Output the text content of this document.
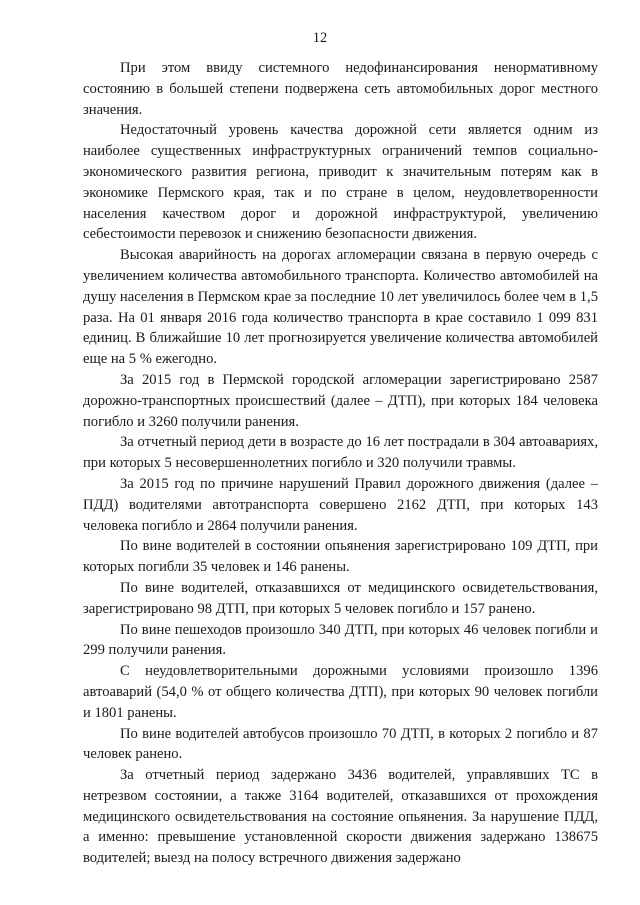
12

При этом ввиду системного недофинансирования ненормативному состоянию в большей степени подвержена сеть автомобильных дорог местного значения.

Недостаточный уровень качества дорожной сети является одним из наиболее существенных инфраструктурных ограничений темпов социально-экономического развития региона, приводит к значительным потерям как в экономике Пермского края, так и по стране в целом, неудовлетворенности населения качеством дорог и дорожной инфраструктурой, увеличению себестоимости перевозок и снижению безопасности движения.

Высокая аварийность на дорогах агломерации связана в первую очередь с увеличением количества автомобильного транспорта. Количество автомобилей на душу населения в Пермском крае за последние 10 лет увеличилось более чем в 1,5 раза. На 01 января 2016 года количество транспорта в крае составило 1 099 831 единиц. В ближайшие 10 лет прогнозируется увеличение количества автомобилей еще на 5 % ежегодно.

За 2015 год в Пермской городской агломерации зарегистрировано 2587 дорожно-транспортных происшествий (далее – ДТП), при которых 184 человека погибло и 3260 получили ранения.

За отчетный период дети в возрасте до 16 лет пострадали в 304 автоавариях, при которых 5 несовершеннолетних погибло и 320 получили травмы.

За 2015 год по причине нарушений Правил дорожного движения (далее – ПДД) водителями автотранспорта совершено 2162 ДТП, при которых 143 человека погибло и 2864 получили ранения.

По вине водителей в состоянии опьянения зарегистрировано 109 ДТП, при которых погибли 35 человек и 146 ранены.

По вине водителей, отказавшихся от медицинского освидетельствования, зарегистрировано 98 ДТП, при которых 5 человек погибло и 157 ранено.

По вине пешеходов произошло 340 ДТП, при которых 46 человек погибли и 299 получили ранения.

С неудовлетворительными дорожными условиями произошло 1396 автоаварий (54,0 % от общего количества ДТП), при которых 90 человек погибли и 1801 ранены.

По вине водителей автобусов произошло 70 ДТП, в которых 2 погибло и 87 человек ранено.

За отчетный период задержано 3436 водителей, управлявших ТС в нетрезвом состоянии, а также 3164 водителей, отказавшихся от прохождения медицинского освидетельствования на состояние опьянения. За нарушение ПДД, а именно: превышение установленной скорости движения задержано 138675 водителей; выезд на полосу встречного движения задержано
